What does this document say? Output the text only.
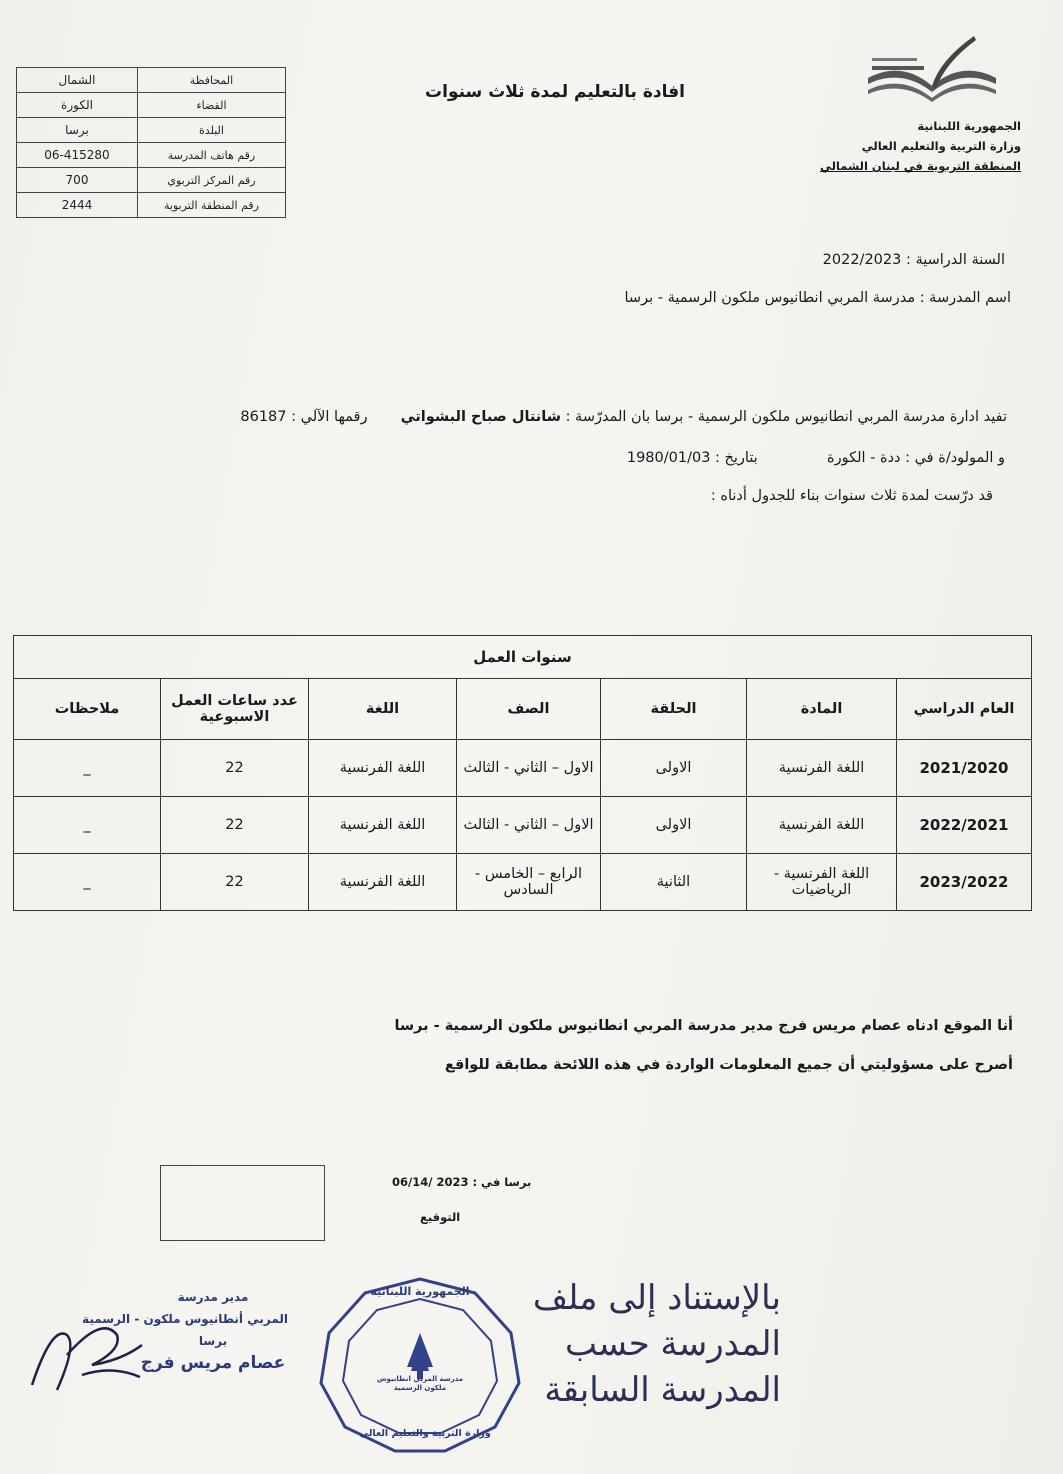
الشمال	المحافظة
الكورة	القضاء
برسا	البلدة
06-415280	رقم هاتف المدرسة
700	رقم المركز التربوي
2444	رقم المنطقة التربوية
افادة بالتعليم لمدة ثلاث سنوات
الجمهورية اللبنانية
وزارة التربية والتعليم العالي
المنطقة التربوية في لبنان الشمالي
السنة الدراسية : 2022/2023
اسم المدرسة : مدرسة المربي انطانيوس ملكون الرسمية - برسا
تفيد ادارة مدرسة المربي انطانيوس ملكون الرسمية - برسا بان المدرّسة : شانتال صباح البشواتي  رقمها الآلي : 86187
و المولود/ة في : ددة - الكورة  بتاريخ : 1980/01/03
قد درّست لمدة ثلاث سنوات بناء للجدول أدناه :
سنوات العمل						
العام الدراسي	المادة	الحلقة	الصف	اللغة	عدد ساعات العمل الاسبوعية	ملاحظات
2021/2020	اللغة الفرنسية	الاولى	الاول – الثاني - الثالث	اللغة الفرنسية	22	_
2022/2021	اللغة الفرنسية	الاولى	الاول – الثاني - الثالث	اللغة الفرنسية	22	_
2023/2022	اللغة الفرنسية - الرياضيات	الثانية	الرابع – الخامس - السادس	اللغة الفرنسية	22	_
أنا الموقع ادناه عصام مريس فرج مدير مدرسة المربي انطانيوس ملكون الرسمية - برسا
أصرح على مسؤوليتي أن جميع المعلومات الواردة في هذه اللائحة مطابقة للواقع
برسا في : 2023 /06/14
التوقيع
مدير مدرسة
المربي أنطانيوس ملكون - الرسمية
برسا
عصام مريس فرج
الجمهورية اللبنانية
مدرسة المربي انطانيوس ملكون الرسمية
وزارة التربية والتعليم العالي
بالإستناد إلى ملف
المدرسة حسب
المدرسة السابقة
